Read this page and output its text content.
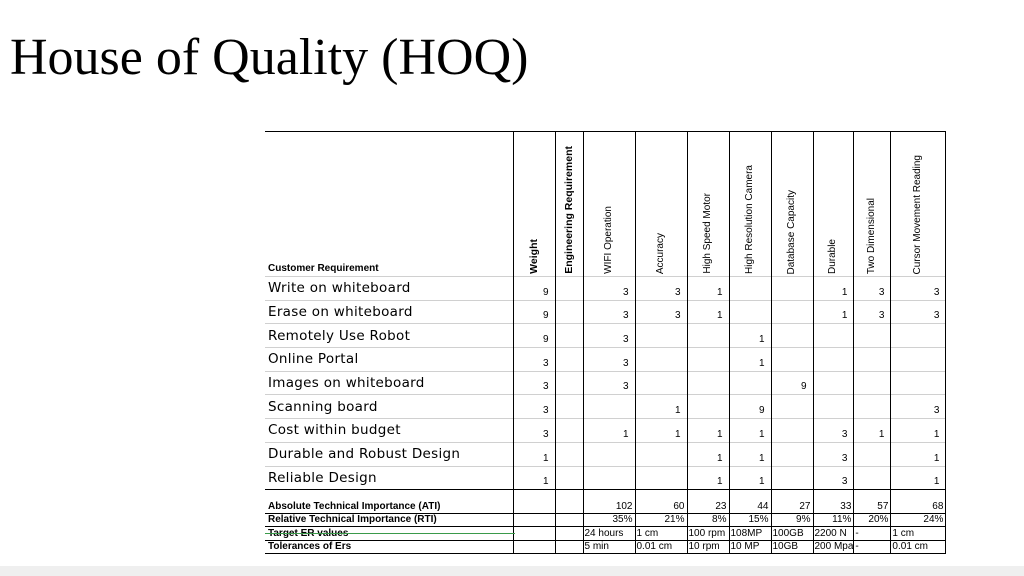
House of Quality (HOQ)
Customer Requirement	Weight	Engineering Requirement	WIFI Operation	Accuracy	High Speed Motor	High Resolution Camera	Database Capacity	Durable	Two Dimensional	Cursor Movement Reading

Write on whiteboard	9		3	3	1			1	3	3
Erase on whiteboard	9		3	3	1			1	3	3
Remotely Use Robot	9		3			1				
Online Portal	3		3			1				
Images on whiteboard	3		3				9			
Scanning board	3			1		9				3
Cost within budget	3		1	1	1	1		3	1	1
Durable and Robust Design	1				1	1		3		1
Reliable Design	1				1	1		3		1

Absolute Technical Importance (ATI)			102	60	23	44	27	33	57	68
Relative Technical Importance (RTI)			35%	21%	8%	15%	9%	11%	20%	24%
			24 hours	1 cm	100 rpm	108MP	100GB	2200 N	-	1 cm
Tolerances of Ers			5 min	0.01 cm	10 rpm	10 MP	10GB	200 Mpa	-	0.01 cm
